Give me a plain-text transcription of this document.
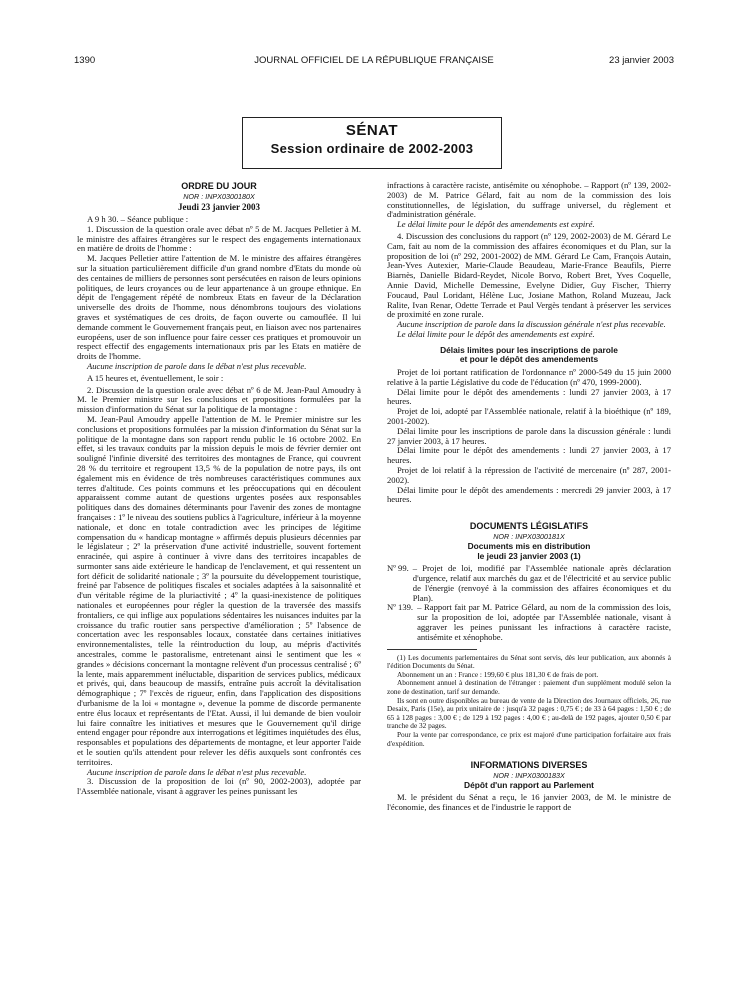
1390	JOURNAL OFFICIEL DE LA RÉPUBLIQUE FRANÇAISE	23 janvier 2003
SÉNAT
Session ordinaire de 2002-2003

ORDRE DU JOUR

NOR : INPX0300180X

Jeudi 23 janvier 2003

A 9 h 30. – Séance publique :

1. Discussion de la question orale avec débat nº 5 de M. Jacques Pelletier à M. le ministre des affaires étrangères sur le respect des engagements internationaux en matière de droits de l'homme :

M. Jacques Pelletier attire l'attention de M. le ministre des affaires étrangères sur la situation particulièrement difficile d'un grand nombre d'Etats du monde où des centaines de milliers de personnes sont persécutées en raison de leurs opinions politiques, de leurs croyances ou de leur appartenance à un groupe ethnique. En dépit de l'engagement répété de nombreux Etats en faveur de la Déclaration universelle des droits de l'homme, nous dénombrons toujours des violations graves et systématiques de ces droits, de façon ouverte ou camouflée. Il lui demande comment le Gouvernement français peut, en liaison avec nos partenaires européens, user de son influence pour faire cesser ces pratiques et promouvoir un respect effectif des engagements internationaux pris par les Etats en matière de droits de l'homme.

Aucune inscription de parole dans le débat n'est plus recevable.

A 15 heures et, éventuellement, le soir :

2. Discussion de la question orale avec débat nº 6 de M. Jean-Paul Amoudry à M. le Premier ministre sur les conclusions et propositions formulées par la mission d'information du Sénat sur la politique de la montagne :

M. Jean-Paul Amoudry appelle l'attention de M. le Premier ministre sur les conclusions et propositions formulées par la mission d'information du Sénat sur la politique de la montagne dans son rapport rendu public le 16 octobre 2002. En effet, si les travaux conduits par la mission depuis le mois de février dernier ont souligné l'infinie diversité des territoires des montagnes de France, qui couvrent 28 % du territoire et regroupent 13,5 % de la population de notre pays, ils ont également mis en évidence de très nombreuses caractéristiques communes aux terres d'altitude. Ces points communs et les préoccupations qui en découlent apparaissent comme autant de questions urgentes posées aux responsables politiques dans des domaines déterminants pour l'avenir des zones de montagne françaises : 1º le niveau des soutiens publics à l'agriculture, inférieur à la moyenne nationale, et donc en totale contradiction avec les principes de légitime compensation du « handicap montagne » affirmés depuis plusieurs décennies par le législateur ; 2º la préservation d'une activité industrielle, souvent fortement enracinée, qui aspire à continuer à vivre dans des territoires incapables de surmonter sans aide extérieure le handicap de l'enclavement, et qui ressentent un fort déficit de solidarité nationale ; 3º la poursuite du développement touristique, freiné par l'absence de politiques fiscales et sociales adaptées à la saisonnalité et d'un véritable régime de la pluriactivité ; 4º la quasi-inexistence de politiques nationales et européennes pour régler la question de la traversée des massifs frontaliers, ce qui inflige aux populations sédentaires les nuisances induites par la croissance du trafic routier sans perspective d'amélioration ; 5º l'absence de concertation avec les responsables locaux, constatée dans certaines initiatives environnementalistes, telle la réintroduction du loup, au mépris d'activités ancestrales, comme le pastoralisme, entretenant ainsi le sentiment que les « grandes » décisions concernant la montagne relèvent d'un processus centralisé ; 6º la lente, mais apparemment inéluctable, disparition de services publics, médicaux et privés, qui, dans beaucoup de massifs, entraîne puis accroît la dévitalisation démographique ; 7º l'excès de rigueur, enfin, dans l'application des dispositions d'urbanisme de la loi « montagne », devenue la pomme de discorde permanente entre élus locaux et représentants de l'Etat. Aussi, il lui demande de bien vouloir lui faire connaître les initiatives et mesures que le Gouvernement qu'il dirige entend engager pour répondre aux interrogations et légitimes inquiétudes des élus, responsables et populations des départements de montagne, et leur apporter l'aide et le soutien qu'ils attendent pour relever les défis auxquels sont confrontés ces territoires.

Aucune inscription de parole dans le débat n'est plus recevable.

3. Discussion de la proposition de loi (nº 90, 2002-2003), adoptée par l'Assemblée nationale, visant à aggraver les peines punissant les

infractions à caractère raciste, antisémite ou xénophobe. – Rapport (nº 139, 2002-2003) de M. Patrice Gélard, fait au nom de la commission des lois constitutionnelles, de législation, du suffrage universel, du règlement et d'administration générale.

Le délai limite pour le dépôt des amendements est expiré.

4. Discussion des conclusions du rapport (nº 129, 2002-2003) de M. Gérard Le Cam, fait au nom de la commission des affaires économiques et du Plan, sur la proposition de loi (nº 292, 2001-2002) de MM. Gérard Le Cam, François Autain, Jean-Yves Autexier, Marie-Claude Beaudeau, Marie-France Beaufils, Pierre Biarnès, Danielle Bidard-Reydet, Nicole Borvo, Robert Bret, Yves Coquelle, Annie David, Michelle Demessine, Evelyne Didier, Guy Fischer, Thierry Foucaud, Paul Loridant, Hélène Luc, Josiane Mathon, Roland Muzeau, Jack Ralite, Ivan Renar, Odette Terrade et Paul Vergès tendant à préserver les services de proximité en zone rurale.

Aucune inscription de parole dans la discussion générale n'est plus recevable.

Le délai limite pour le dépôt des amendements est expiré.

Délais limites pour les inscriptions de parole
et pour le dépôt des amendements

Projet de loi portant ratification de l'ordonnance nº 2000-549 du 15 juin 2000 relative à la partie Législative du code de l'éducation (nº 470, 1999-2000).

Délai limite pour le dépôt des amendements : lundi 27 janvier 2003, à 17 heures.

Projet de loi, adopté par l'Assemblée nationale, relatif à la bioéthique (nº 189, 2001-2002).

Délai limite pour les inscriptions de parole dans la discussion générale : lundi 27 janvier 2003, à 17 heures.

Délai limite pour le dépôt des amendements : lundi 27 janvier 2003, à 17 heures.

Projet de loi relatif à la répression de l'activité de mercenaire (nº 287, 2001-2002).

Délai limite pour le dépôt des amendements : mercredi 29 janvier 2003, à 17 heures.

DOCUMENTS LÉGISLATIFS

NOR : INPX0300181X

Documents mis en distribution
le jeudi 23 janvier 2003 (1)

Nº 99. – Projet de loi, modifié par l'Assemblée nationale après déclaration d'urgence, relatif aux marchés du gaz et de l'électricité et au service public de l'énergie (renvoyé à la commission des affaires économiques et du Plan).
Nº 139. – Rapport fait par M. Patrice Gélard, au nom de la commission des lois, sur la proposition de loi, adoptée par l'Assemblée nationale, visant à aggraver les peines punissant les infractions à caractère raciste, antisémite et xénophobe.

(1) Les documents parlementaires du Sénat sont servis, dès leur publication, aux abonnés à l'édition Documents du Sénat.

Abonnement un an : France : 199,60 € plus 181,30 € de frais de port.

Abonnement annuel à destination de l'étranger : paiement d'un supplément modulé selon la zone de destination, tarif sur demande.

Ils sont en outre disponibles au bureau de vente de la Direction des Journaux officiels, 26, rue Desaix, Paris (15e), au prix unitaire de : jusqu'à 32 pages : 0,75 € ; de 33 à 64 pages : 1,50 € ; de 65 à 128 pages : 3,00 € ; de 129 à 192 pages : 4,00 € ; au-delà de 192 pages, ajouter 0,50 € par tranche de 32 pages.

Pour la vente par correspondance, ce prix est majoré d'une participation forfaitaire aux frais d'expédition.

INFORMATIONS DIVERSES

NOR : INPX0300183X

Dépôt d'un rapport au Parlement

M. le président du Sénat a reçu, le 16 janvier 2003, de M. le ministre de l'économie, des finances et de l'industrie le rapport de
